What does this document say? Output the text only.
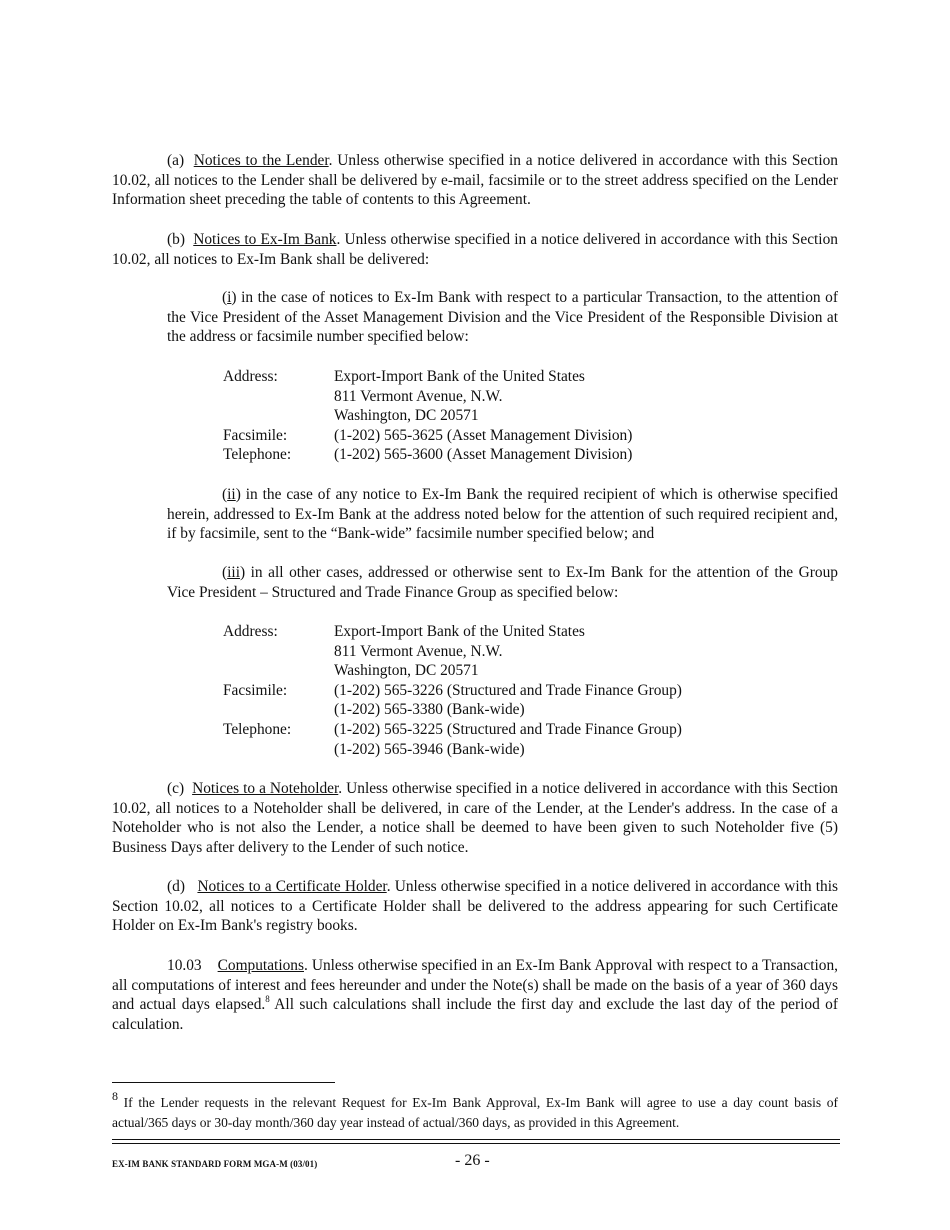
(a) Notices to the Lender. Unless otherwise specified in a notice delivered in accordance with this Section 10.02, all notices to the Lender shall be delivered by e-mail, facsimile or to the street address specified on the Lender Information sheet preceding the table of contents to this Agreement.

(b) Notices to Ex-Im Bank. Unless otherwise specified in a notice delivered in accordance with this Section 10.02, all notices to Ex-Im Bank shall be delivered:

(i) in the case of notices to Ex-Im Bank with respect to a particular Transaction, to the attention of the Vice President of the Asset Management Division and the Vice President of the Responsible Division at the address or facsimile number specified below:

Address:	Export-Import Bank of the United States
811 Vermont Avenue, N.W.
Washington, DC 20571
Facsimile:	(1-202) 565-3625 (Asset Management Division)
Telephone:	(1-202) 565-3600 (Asset Management Division)

(ii) in the case of any notice to Ex-Im Bank the required recipient of which is otherwise specified herein, addressed to Ex-Im Bank at the address noted below for the attention of such required recipient and, if by facsimile, sent to the “Bank-wide” facsimile number specified below; and

(iii) in all other cases, addressed or otherwise sent to Ex-Im Bank for the attention of the Group Vice President – Structured and Trade Finance Group as specified below:

Address:	Export-Import Bank of the United States
811 Vermont Avenue, N.W.
Washington, DC 20571
Facsimile:	(1-202) 565-3226 (Structured and Trade Finance Group)
(1-202) 565-3380 (Bank-wide)
Telephone:	(1-202) 565-3225 (Structured and Trade Finance Group)
(1-202) 565-3946 (Bank-wide)

(c) Notices to a Noteholder. Unless otherwise specified in a notice delivered in accordance with this Section 10.02, all notices to a Noteholder shall be delivered, in care of the Lender, at the Lender's address. In the case of a Noteholder who is not also the Lender, a notice shall be deemed to have been given to such Noteholder five (5) Business Days after delivery to the Lender of such notice.

(d) Notices to a Certificate Holder. Unless otherwise specified in a notice delivered in accordance with this Section 10.02, all notices to a Certificate Holder shall be delivered to the address appearing for such Certificate Holder on Ex-Im Bank's registry books.

10.03 Computations. Unless otherwise specified in an Ex-Im Bank Approval with respect to a Transaction, all computations of interest and fees hereunder and under the Note(s) shall be made on the basis of a year of 360 days and actual days elapsed.$^8$ All such calculations shall include the first day and exclude the last day of the period of calculation.

$^8$ If the Lender requests in the relevant Request for Ex-Im Bank Approval, Ex-Im Bank will agree to use a day count basis of actual/365 days or 30-day month/360 day year instead of actual/360 days, as provided in this Agreement.
EX-IM BANK STANDARD FORM MGA-M (03/01)	- 26 -
